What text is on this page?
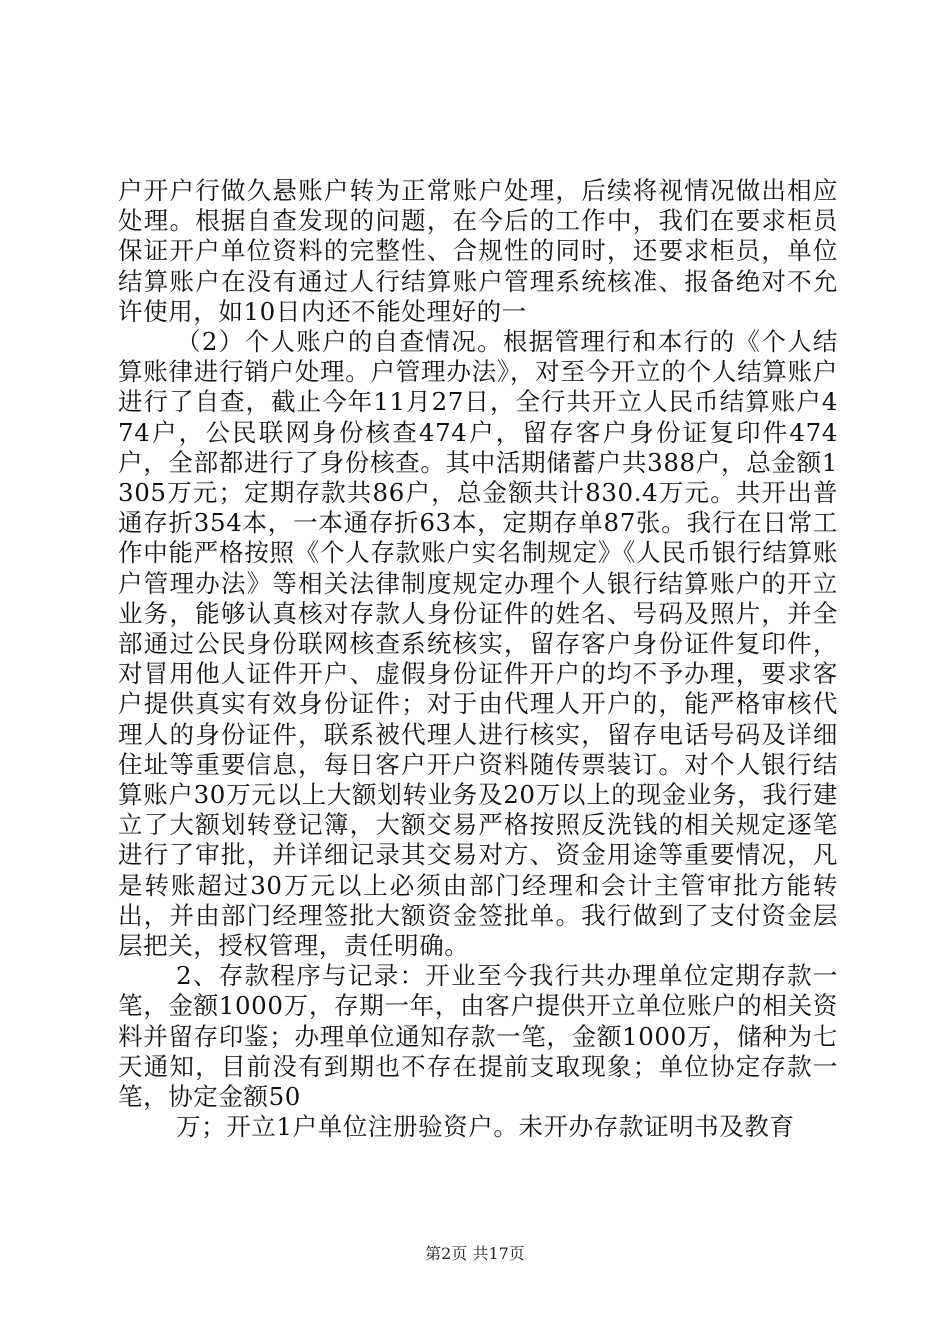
户开户行做久悬账户转为正常账户处理，后续将视情况做出相应处理。根据自查发现的问题，在今后的工作中，我们在要求柜员保证开户单位资料的完整性、合规性的同时，还要求柜员，单位结算账户在没有通过人行结算账户管理系统核准、报备绝对不允许使用，如10日内还不能处理好的一

（2）个人账户的自查情况。根据管理行和本行的《个人结算账律进行销户处理。户管理办法》，对至今开立的个人结算账户进行了自查，截止今年11月27日，全行共开立人民币结算账户474户，公民联网身份核查474户，留存客户身份证复印件474户，全部都进行了身份核查。其中活期储蓄户共388户，总金额1305万元；定期存款共86户，总金额共计830.4万元。共开出普通存折354本，一本通存折63本，定期存单87张。我行在日常工作中能严格按照《个人存款账户实名制规定》《人民币银行结算账户管理办法》等相关法律制度规定办理个人银行结算账户的开立业务，能够认真核对存款人身份证件的姓名、号码及照片，并全部通过公民身份联网核查系统核实，留存客户身份证件复印件，对冒用他人证件开户、虚假身份证件开户的均不予办理，要求客户提供真实有效身份证件；对于由代理人开户的，能严格审核代理人的身份证件，联系被代理人进行核实，留存电话号码及详细住址等重要信息，每日客户开户资料随传票装订。对个人银行结算账户30万元以上大额划转业务及20万以上的现金业务，我行建立了大额划转登记簿，大额交易严格按照反洗钱的相关规定逐笔进行了审批，并详细记录其交易对方、资金用途等重要情况，凡是转账超过30万元以上必须由部门经理和会计主管审批方能转出，并由部门经理签批大额资金签批单。我行做到了支付资金层层把关，授权管理，责任明确。

2、存款程序与记录：开业至今我行共办理单位定期存款一笔，金额1000万，存期一年，由客户提供开立单位账户的相关资料并留存印鉴；办理单位通知存款一笔，金额1000万，储种为七天通知，目前没有到期也不存在提前支取现象；单位协定存款一笔，协定金额50

万；开立1户单位注册验资户。未开办存款证明书及教育

第2页 共17页
